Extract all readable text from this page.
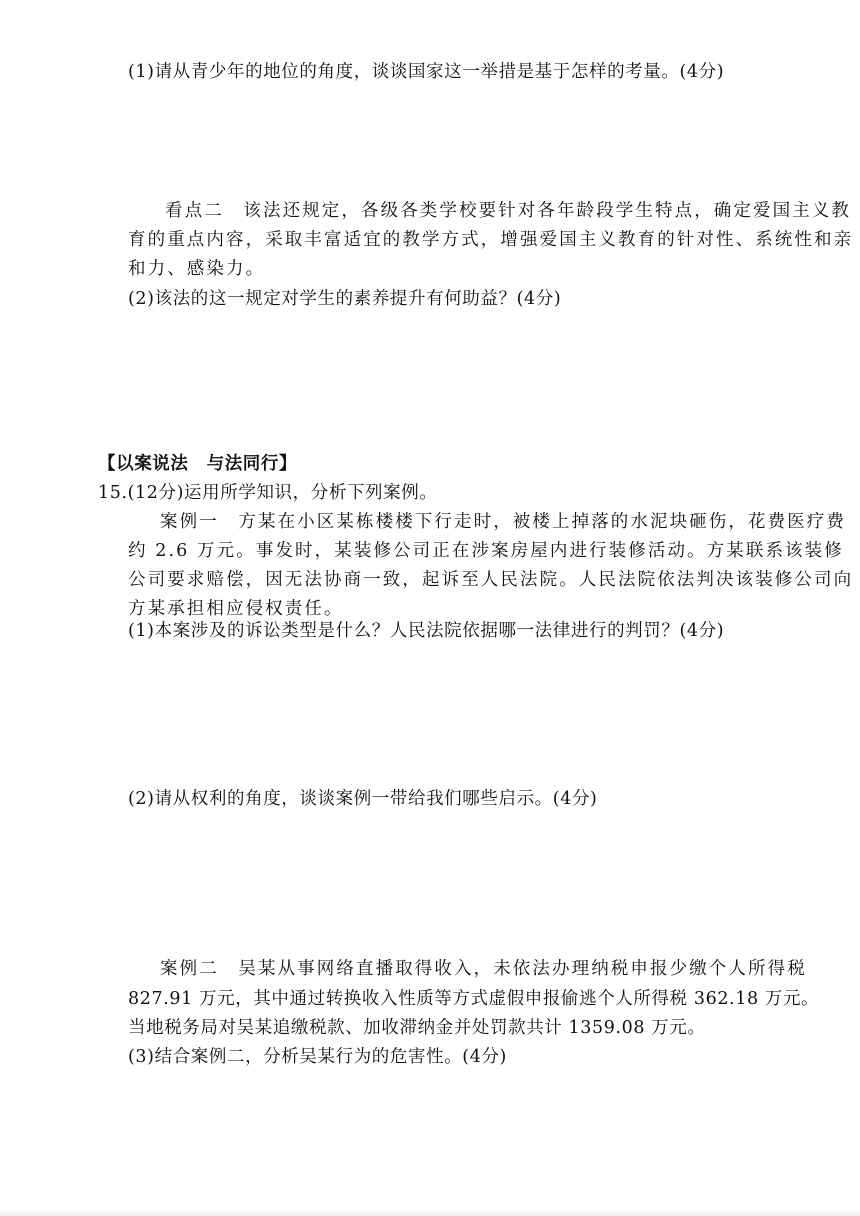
(1)请从青少年的地位的角度，谈谈国家这一举措是基于怎样的考量。(4分)
看点二　该法还规定，各级各类学校要针对各年龄段学生特点，确定爱国主义教
育的重点内容，采取丰富适宜的教学方式，增强爱国主义教育的针对性、系统性和亲
和力、感染力。
(2)该法的这一规定对学生的素养提升有何助益？(4分)
【以案说法　与法同行】
15.(12分)运用所学知识，分析下列案例。
案例一　方某在小区某栋楼楼下行走时，被楼上掉落的水泥块砸伤，花费医疗费
约 2.6 万元。事发时，某装修公司正在涉案房屋内进行装修活动。方某联系该装修
公司要求赔偿，因无法协商一致，起诉至人民法院。人民法院依法判决该装修公司向
方某承担相应侵权责任。
(1)本案涉及的诉讼类型是什么？人民法院依据哪一法律进行的判罚？(4分)
(2)请从权利的角度，谈谈案例一带给我们哪些启示。(4分)
案例二　吴某从事网络直播取得收入，未依法办理纳税申报少缴个人所得税
827.91 万元，其中通过转换收入性质等方式虚假申报偷逃个人所得税 362.18 万元。
当地税务局对吴某追缴税款、加收滞纳金并处罚款共计 1359.08 万元。
(3)结合案例二，分析吴某行为的危害性。(4分)
